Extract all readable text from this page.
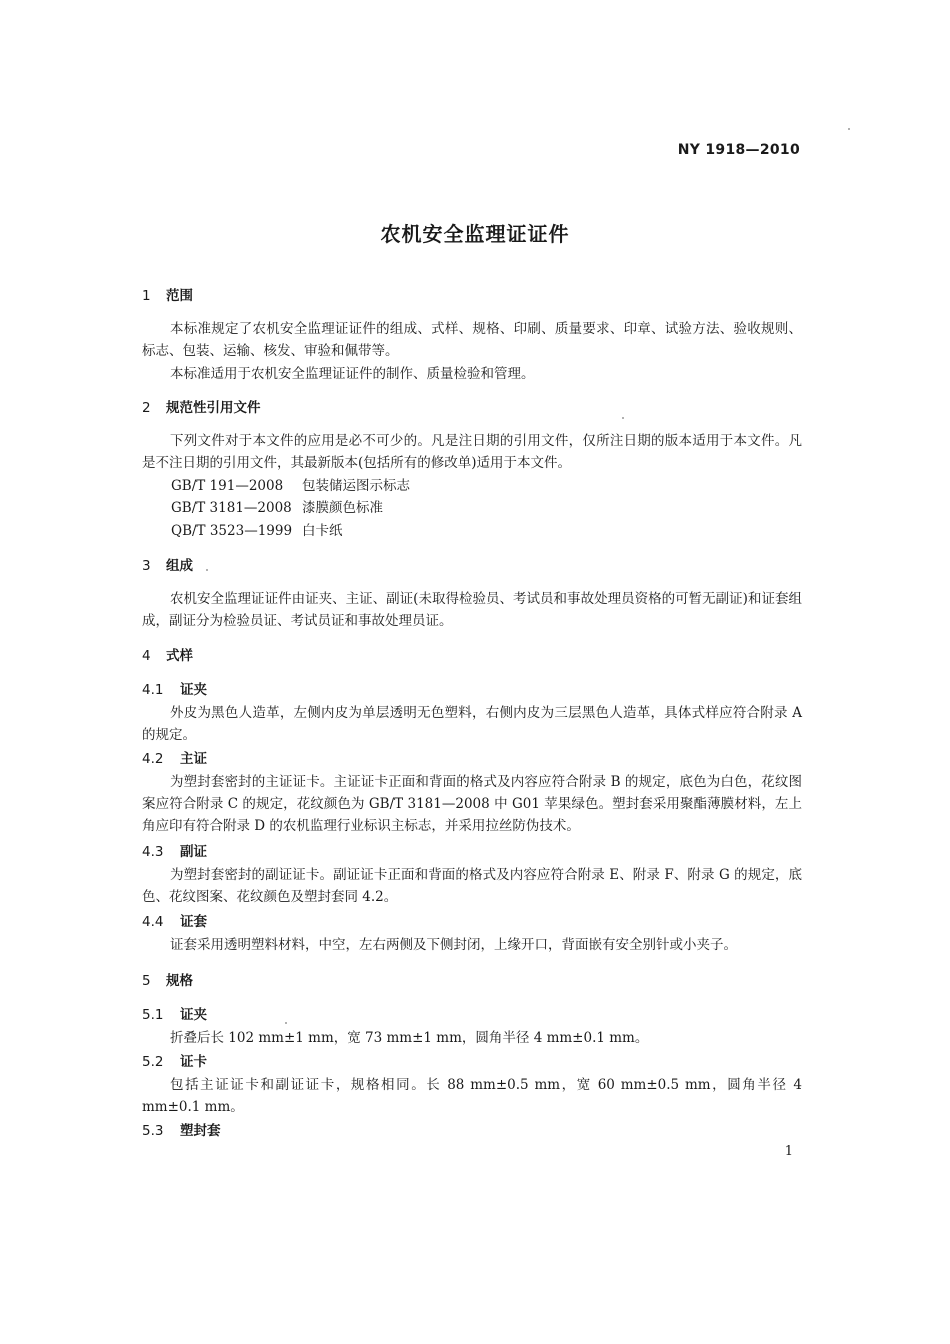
NY 1918—2010
农机安全监理证证件
1 范围
本标准规定了农机安全监理证证件的组成、式样、规格、印刷、质量要求、印章、试验方法、验收规则、标志、包装、运输、核发、审验和佩带等。
本标准适用于农机安全监理证证件的制作、质量检验和管理。
2 规范性引用文件
下列文件对于本文件的应用是必不可少的。凡是注日期的引用文件，仅所注日期的版本适用于本文件。凡是不注日期的引用文件，其最新版本(包括所有的修改单)适用于本文件。
GB/T 191—2008 包装储运图示标志
GB/T 3181—2008 漆膜颜色标准
QB/T 3523—1999 白卡纸
3 组成
农机安全监理证证件由证夹、主证、副证(未取得检验员、考试员和事故处理员资格的可暂无副证)和证套组成，副证分为检验员证、考试员证和事故处理员证。
4 式样
4.1 证夹
外皮为黑色人造革，左侧内皮为单层透明无色塑料，右侧内皮为三层黑色人造革，具体式样应符合附录 A 的规定。
4.2 主证
为塑封套密封的主证证卡。主证证卡正面和背面的格式及内容应符合附录 B 的规定，底色为白色，花纹图案应符合附录 C 的规定，花纹颜色为 GB/T 3181—2008 中 G01 苹果绿色。塑封套采用聚酯薄膜材料，左上角应印有符合附录 D 的农机监理行业标识主标志，并采用拉丝防伪技术。
4.3 副证
为塑封套密封的副证证卡。副证证卡正面和背面的格式及内容应符合附录 E、附录 F、附录 G 的规定，底色、花纹图案、花纹颜色及塑封套同 4.2。
4.4 证套
证套采用透明塑料材料，中空，左右两侧及下侧封闭，上缘开口，背面嵌有安全别针或小夹子。
5 规格
5.1 证夹
折叠后长 102 mm±1 mm，宽 73 mm±1 mm，圆角半径 4 mm±0.1 mm。
5.2 证卡
包括主证证卡和副证证卡，规格相同。长 88 mm±0.5 mm，宽 60 mm±0.5 mm，圆角半径 4 mm±0.1 mm。
5.3 塑封套
1
